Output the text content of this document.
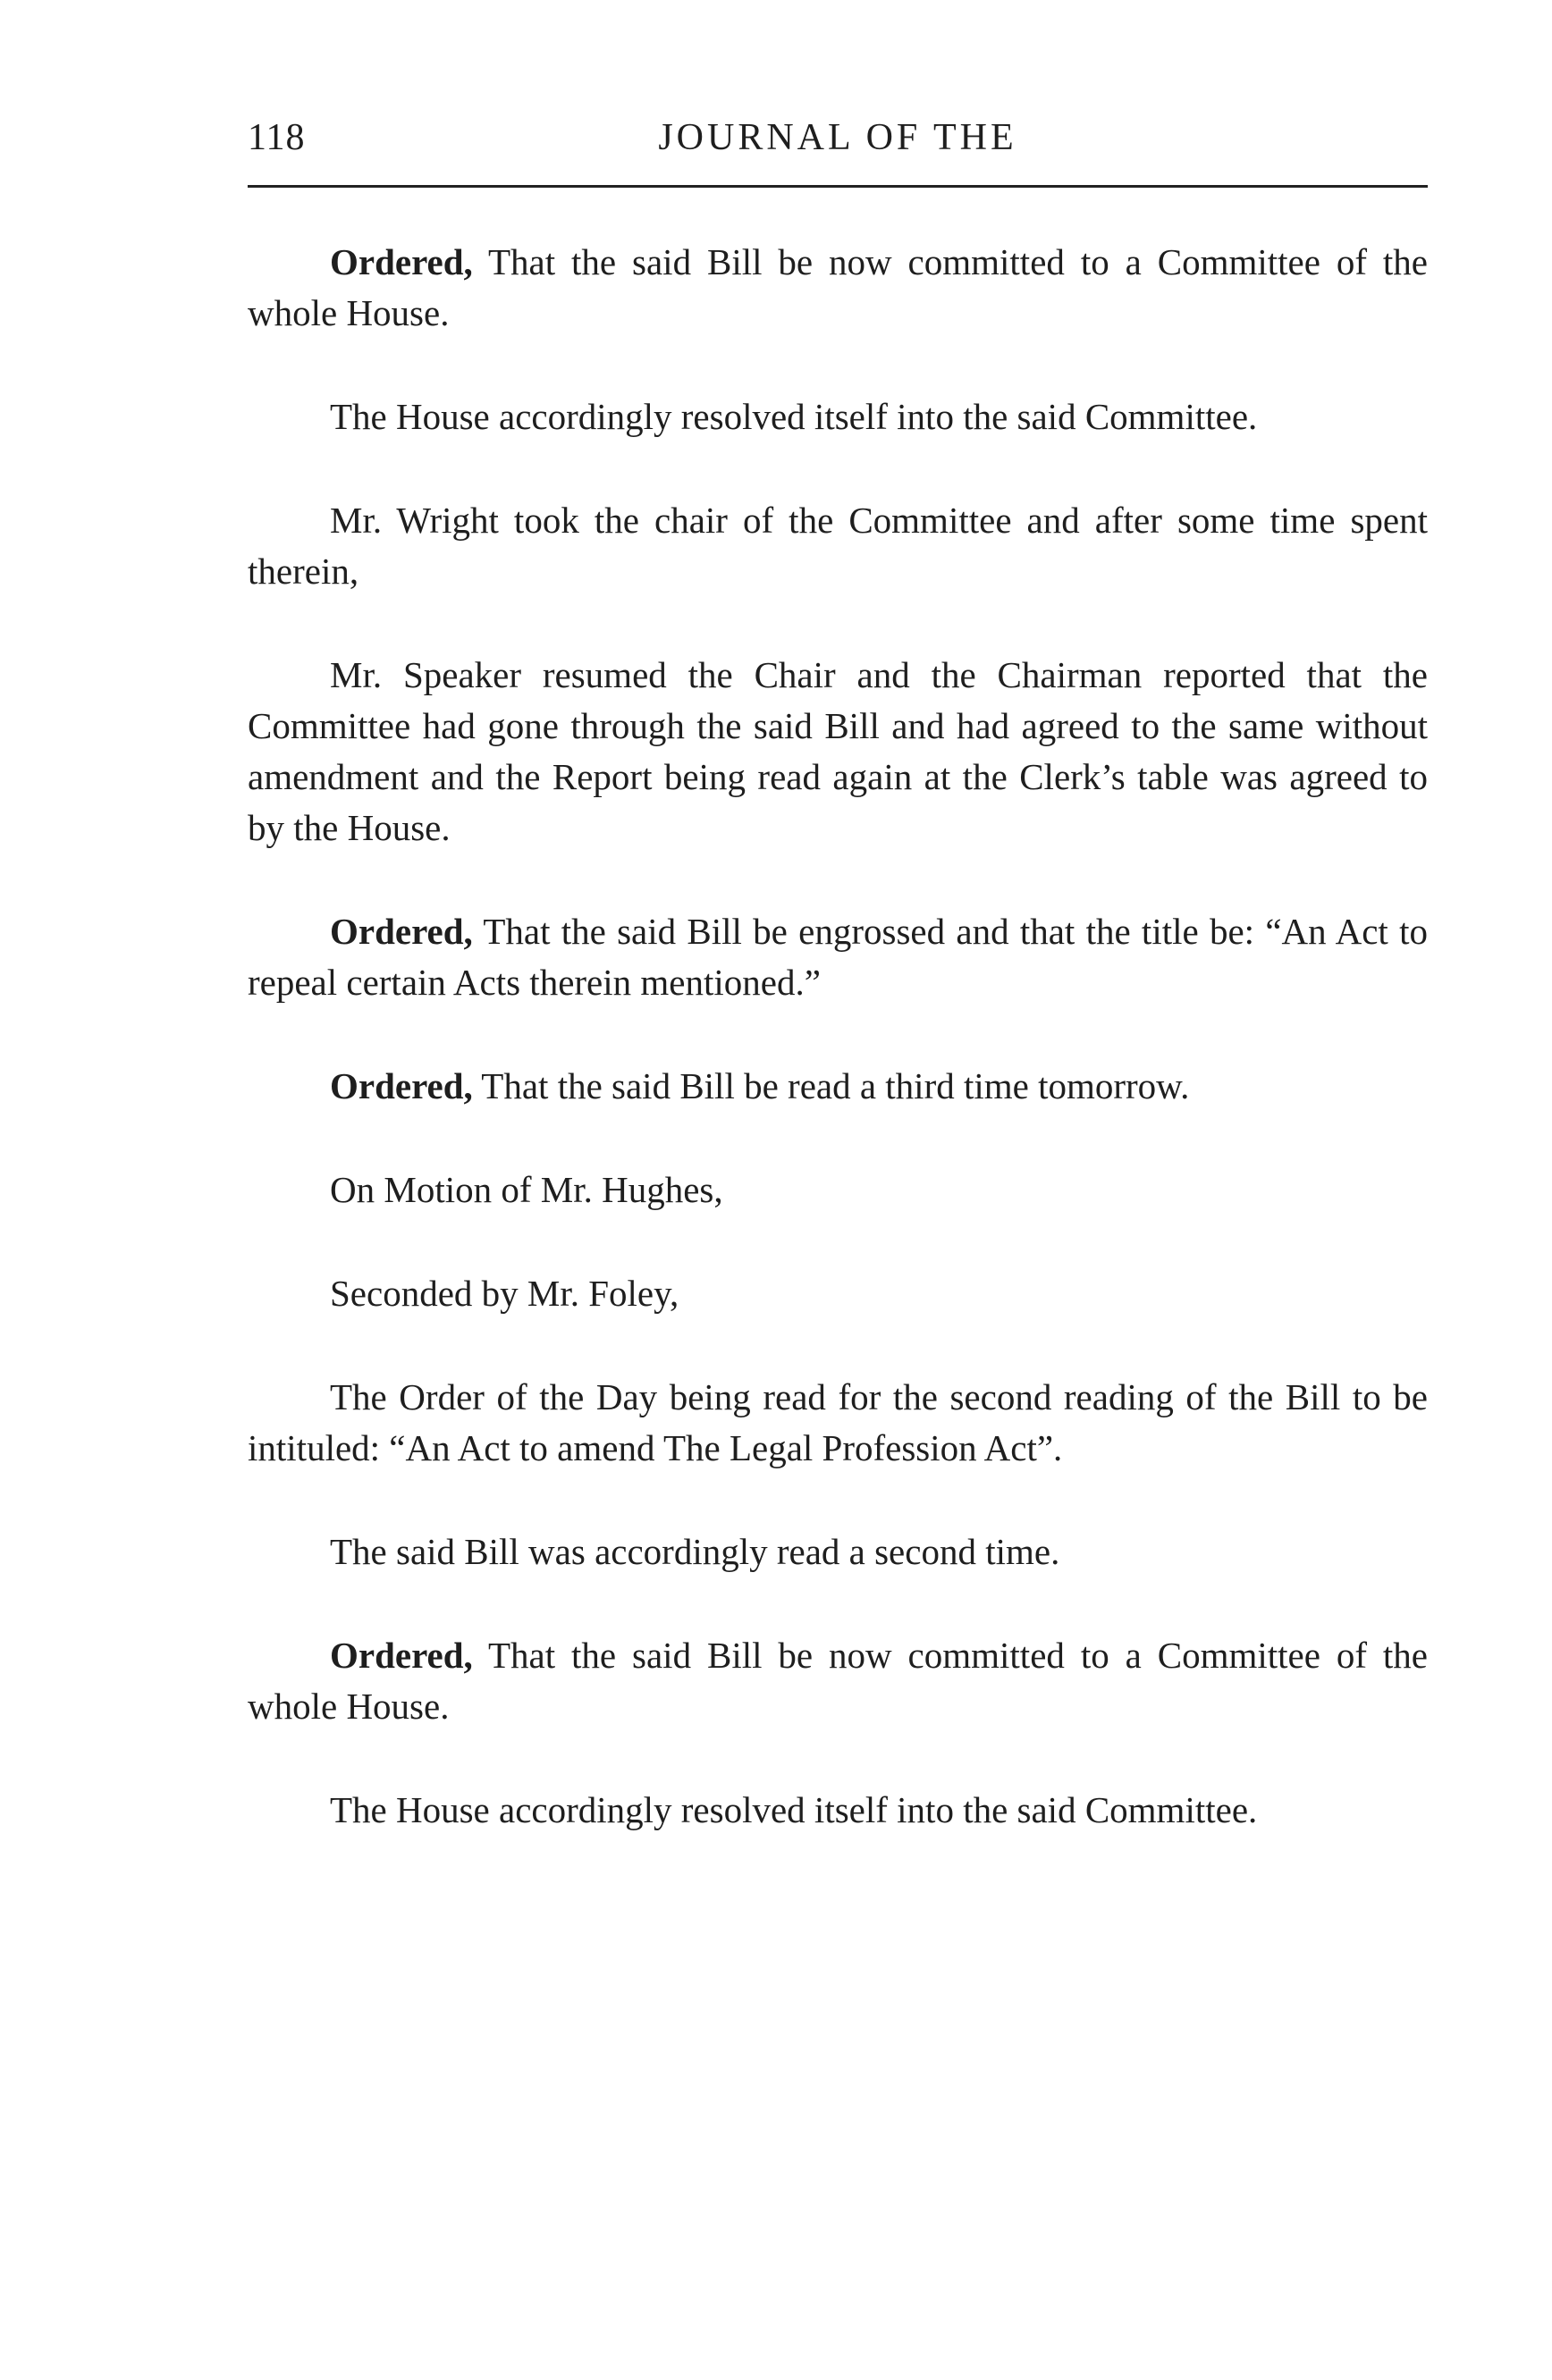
118	JOURNAL OF THE

Ordered, That the said Bill be now committed to a Committee of the whole House.

The House accordingly resolved itself into the said Committee.

Mr. Wright took the chair of the Committee and after some time spent therein,

Mr. Speaker resumed the Chair and the Chairman reported that the Committee had gone through the said Bill and had agreed to the same without amendment and the Report being read again at the Clerk’s table was agreed to by the House.

Ordered, That the said Bill be engrossed and that the title be: “An Act to repeal certain Acts therein mentioned.”

Ordered, That the said Bill be read a third time tomorrow.

On Motion of Mr. Hughes,

Seconded by Mr. Foley,

The Order of the Day being read for the second reading of the Bill to be intituled: “An Act to amend The Legal Profession Act”.

The said Bill was accordingly read a second time.

Ordered, That the said Bill be now committed to a Committee of the whole House.

The House accordingly resolved itself into the said Committee.
